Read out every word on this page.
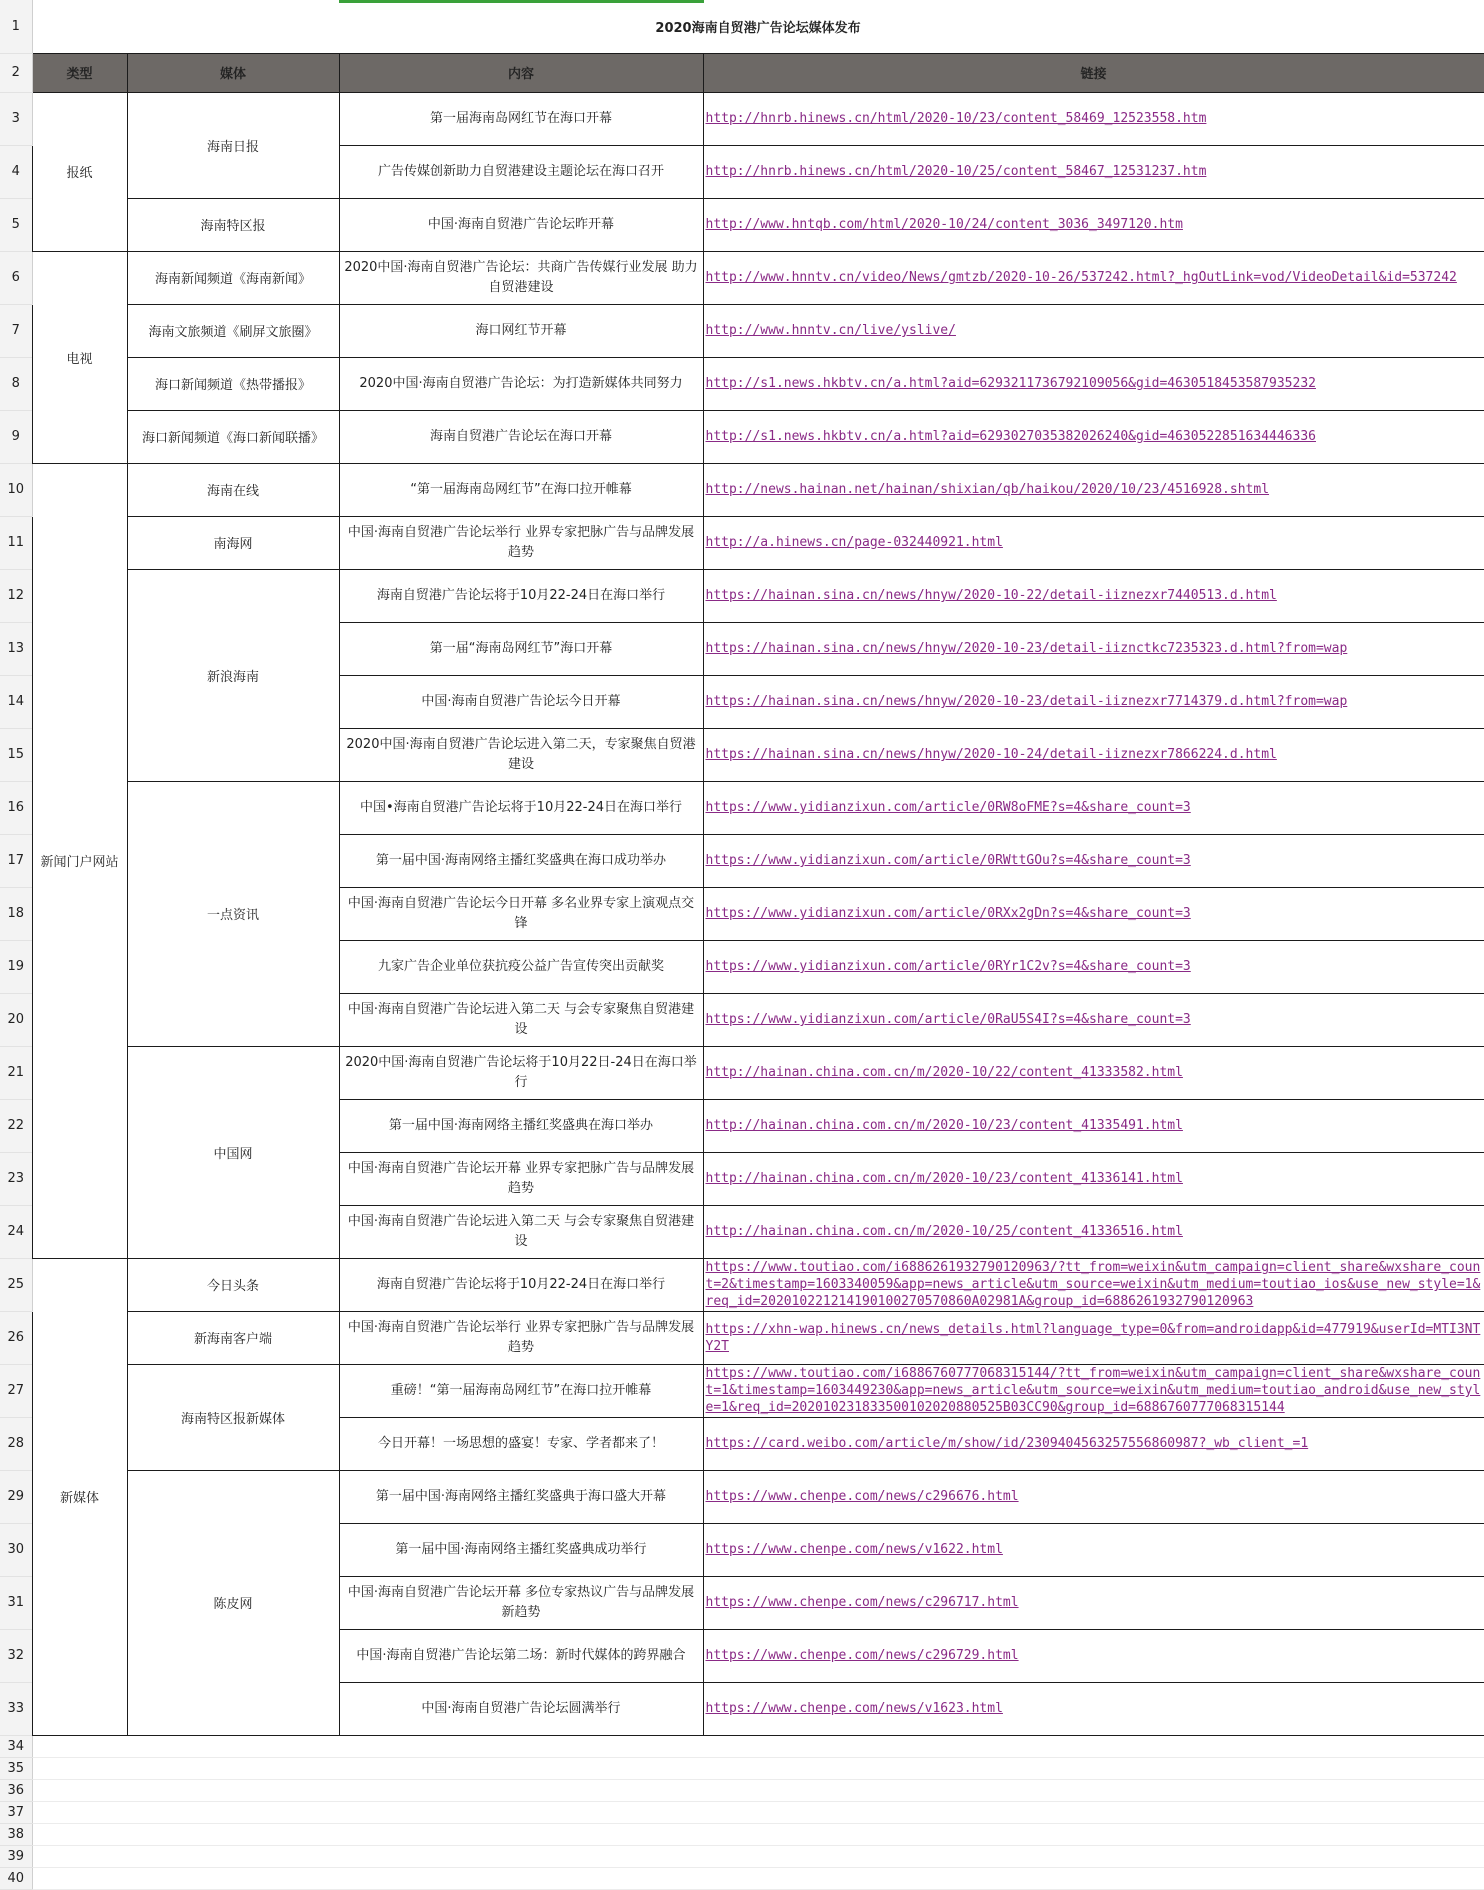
1	2020海南自贸港广告论坛媒体发布			
2	类型	媒体	内容	链接
3	报纸	海南日报	第一届海南岛网红节在海口开幕	http://hnrb.hinews.cn/html/2020-10/23/content_58469_12523558.htm
4			广告传媒创新助力自贸港建设主题论坛在海口召开	http://hnrb.hinews.cn/html/2020-10/25/content_58467_12531237.htm
5		海南特区报	中国·海南自贸港广告论坛昨开幕	http://www.hntqb.com/html/2020-10/24/content_3036_3497120.htm
6	电视	海南新闻频道《海南新闻》	2020中国·海南自贸港广告论坛：共商广告传媒行业发展 助力自贸港建设	http://www.hnntv.cn/video/News/gmtzb/2020-10-26/537242.html?_hgOutLink=vod/VideoDetail&id=537242
7		海南文旅频道《刷屏文旅圈》	海口网红节开幕	http://www.hnntv.cn/live/yslive/
8		海口新闻频道《热带播报》	2020中国·海南自贸港广告论坛：为打造新媒体共同努力	http://s1.news.hkbtv.cn/a.html?aid=6293211736792109056&gid=4630518453587935232
9		海口新闻频道《海口新闻联播》	海南自贸港广告论坛在海口开幕	http://s1.news.hkbtv.cn/a.html?aid=6293027035382026240&gid=4630522851634446336
10	新闻门户网站	海南在线	“第一届海南岛网红节”在海口拉开帷幕	http://news.hainan.net/hainan/shixian/qb/haikou/2020/10/23/4516928.shtml
11		南海网	中国·海南自贸港广告论坛举行 业界专家把脉广告与品牌发展趋势	http://a.hinews.cn/page-032440921.html
12		新浪海南	海南自贸港广告论坛将于10月22-24日在海口举行	https://hainan.sina.cn/news/hnyw/2020-10-22/detail-iiznezxr7440513.d.html
13			第一届“海南岛网红节”海口开幕	https://hainan.sina.cn/news/hnyw/2020-10-23/detail-iiznctkc7235323.d.html?from=wap
14			中国·海南自贸港广告论坛今日开幕	https://hainan.sina.cn/news/hnyw/2020-10-23/detail-iiznezxr7714379.d.html?from=wap
15			2020中国·海南自贸港广告论坛进入第二天，专家聚焦自贸港建设	https://hainan.sina.cn/news/hnyw/2020-10-24/detail-iiznezxr7866224.d.html
16		一点资讯	中国•海南自贸港广告论坛将于10月22-24日在海口举行	https://www.yidianzixun.com/article/0RW8oFME?s=4&share_count=3
17			第一届中国·海南网络主播红奖盛典在海口成功举办	https://www.yidianzixun.com/article/0RWttGOu?s=4&share_count=3
18			中国·海南自贸港广告论坛今日开幕 多名业界专家上演观点交锋	https://www.yidianzixun.com/article/0RXx2gDn?s=4&share_count=3
19			九家广告企业单位获抗疫公益广告宣传突出贡献奖	https://www.yidianzixun.com/article/0RYr1C2v?s=4&share_count=3
20			中国·海南自贸港广告论坛进入第二天 与会专家聚焦自贸港建设	https://www.yidianzixun.com/article/0RaU5S4I?s=4&share_count=3
21		中国网	2020中国·海南自贸港广告论坛将于10月22日-24日在海口举行	http://hainan.china.com.cn/m/2020-10/22/content_41333582.html
22			第一届中国·海南网络主播红奖盛典在海口举办	http://hainan.china.com.cn/m/2020-10/23/content_41335491.html
23			中国·海南自贸港广告论坛开幕 业界专家把脉广告与品牌发展趋势	http://hainan.china.com.cn/m/2020-10/23/content_41336141.html
24			中国·海南自贸港广告论坛进入第二天 与会专家聚焦自贸港建设	http://hainan.china.com.cn/m/2020-10/25/content_41336516.html
25	新媒体	今日头条	海南自贸港广告论坛将于10月22-24日在海口举行	https://www.toutiao.com/i6886261932790120963/?tt_from=weixin&utm_campaign=client_share&wxshare_count=2&timestamp=1603340059&app=news_article&utm_source=weixin&utm_medium=toutiao_ios&use_new_style=1&req_id=202010221214190100270570860A02981A&group_id=6886261932790120963
26		新海南客户端	中国·海南自贸港广告论坛举行 业界专家把脉广告与品牌发展趋势	https://xhn-wap.hinews.cn/news_details.html?language_type=0&from=androidapp&id=477919&userId=MTI3NTY2T
27		海南特区报新媒体	重磅！“第一届海南岛网红节”在海口拉开帷幕	https://www.toutiao.com/i6886760777068315144/?tt_from=weixin&utm_campaign=client_share&wxshare_count=1&timestamp=1603449230&app=news_article&utm_source=weixin&utm_medium=toutiao_android&use_new_style=1&req_id=202010231833500102020880525B03CC90&group_id=6886760777068315144
28			今日开幕！一场思想的盛宴！专家、学者都来了！	https://card.weibo.com/article/m/show/id/2309404563257556860987?_wb_client_=1
29		陈皮网	第一届中国·海南网络主播红奖盛典于海口盛大开幕	https://www.chenpe.com/news/c296676.html
30			第一届中国·海南网络主播红奖盛典成功举行	https://www.chenpe.com/news/v1622.html
31			中国·海南自贸港广告论坛开幕 多位专家热议广告与品牌发展新趋势	https://www.chenpe.com/news/c296717.html
32			中国·海南自贸港广告论坛第二场：新时代媒体的跨界融合	https://www.chenpe.com/news/c296729.html
33			中国·海南自贸港广告论坛圆满举行	https://www.chenpe.com/news/v1623.html
34				
35				
36				
37				
38				
39				
40				
